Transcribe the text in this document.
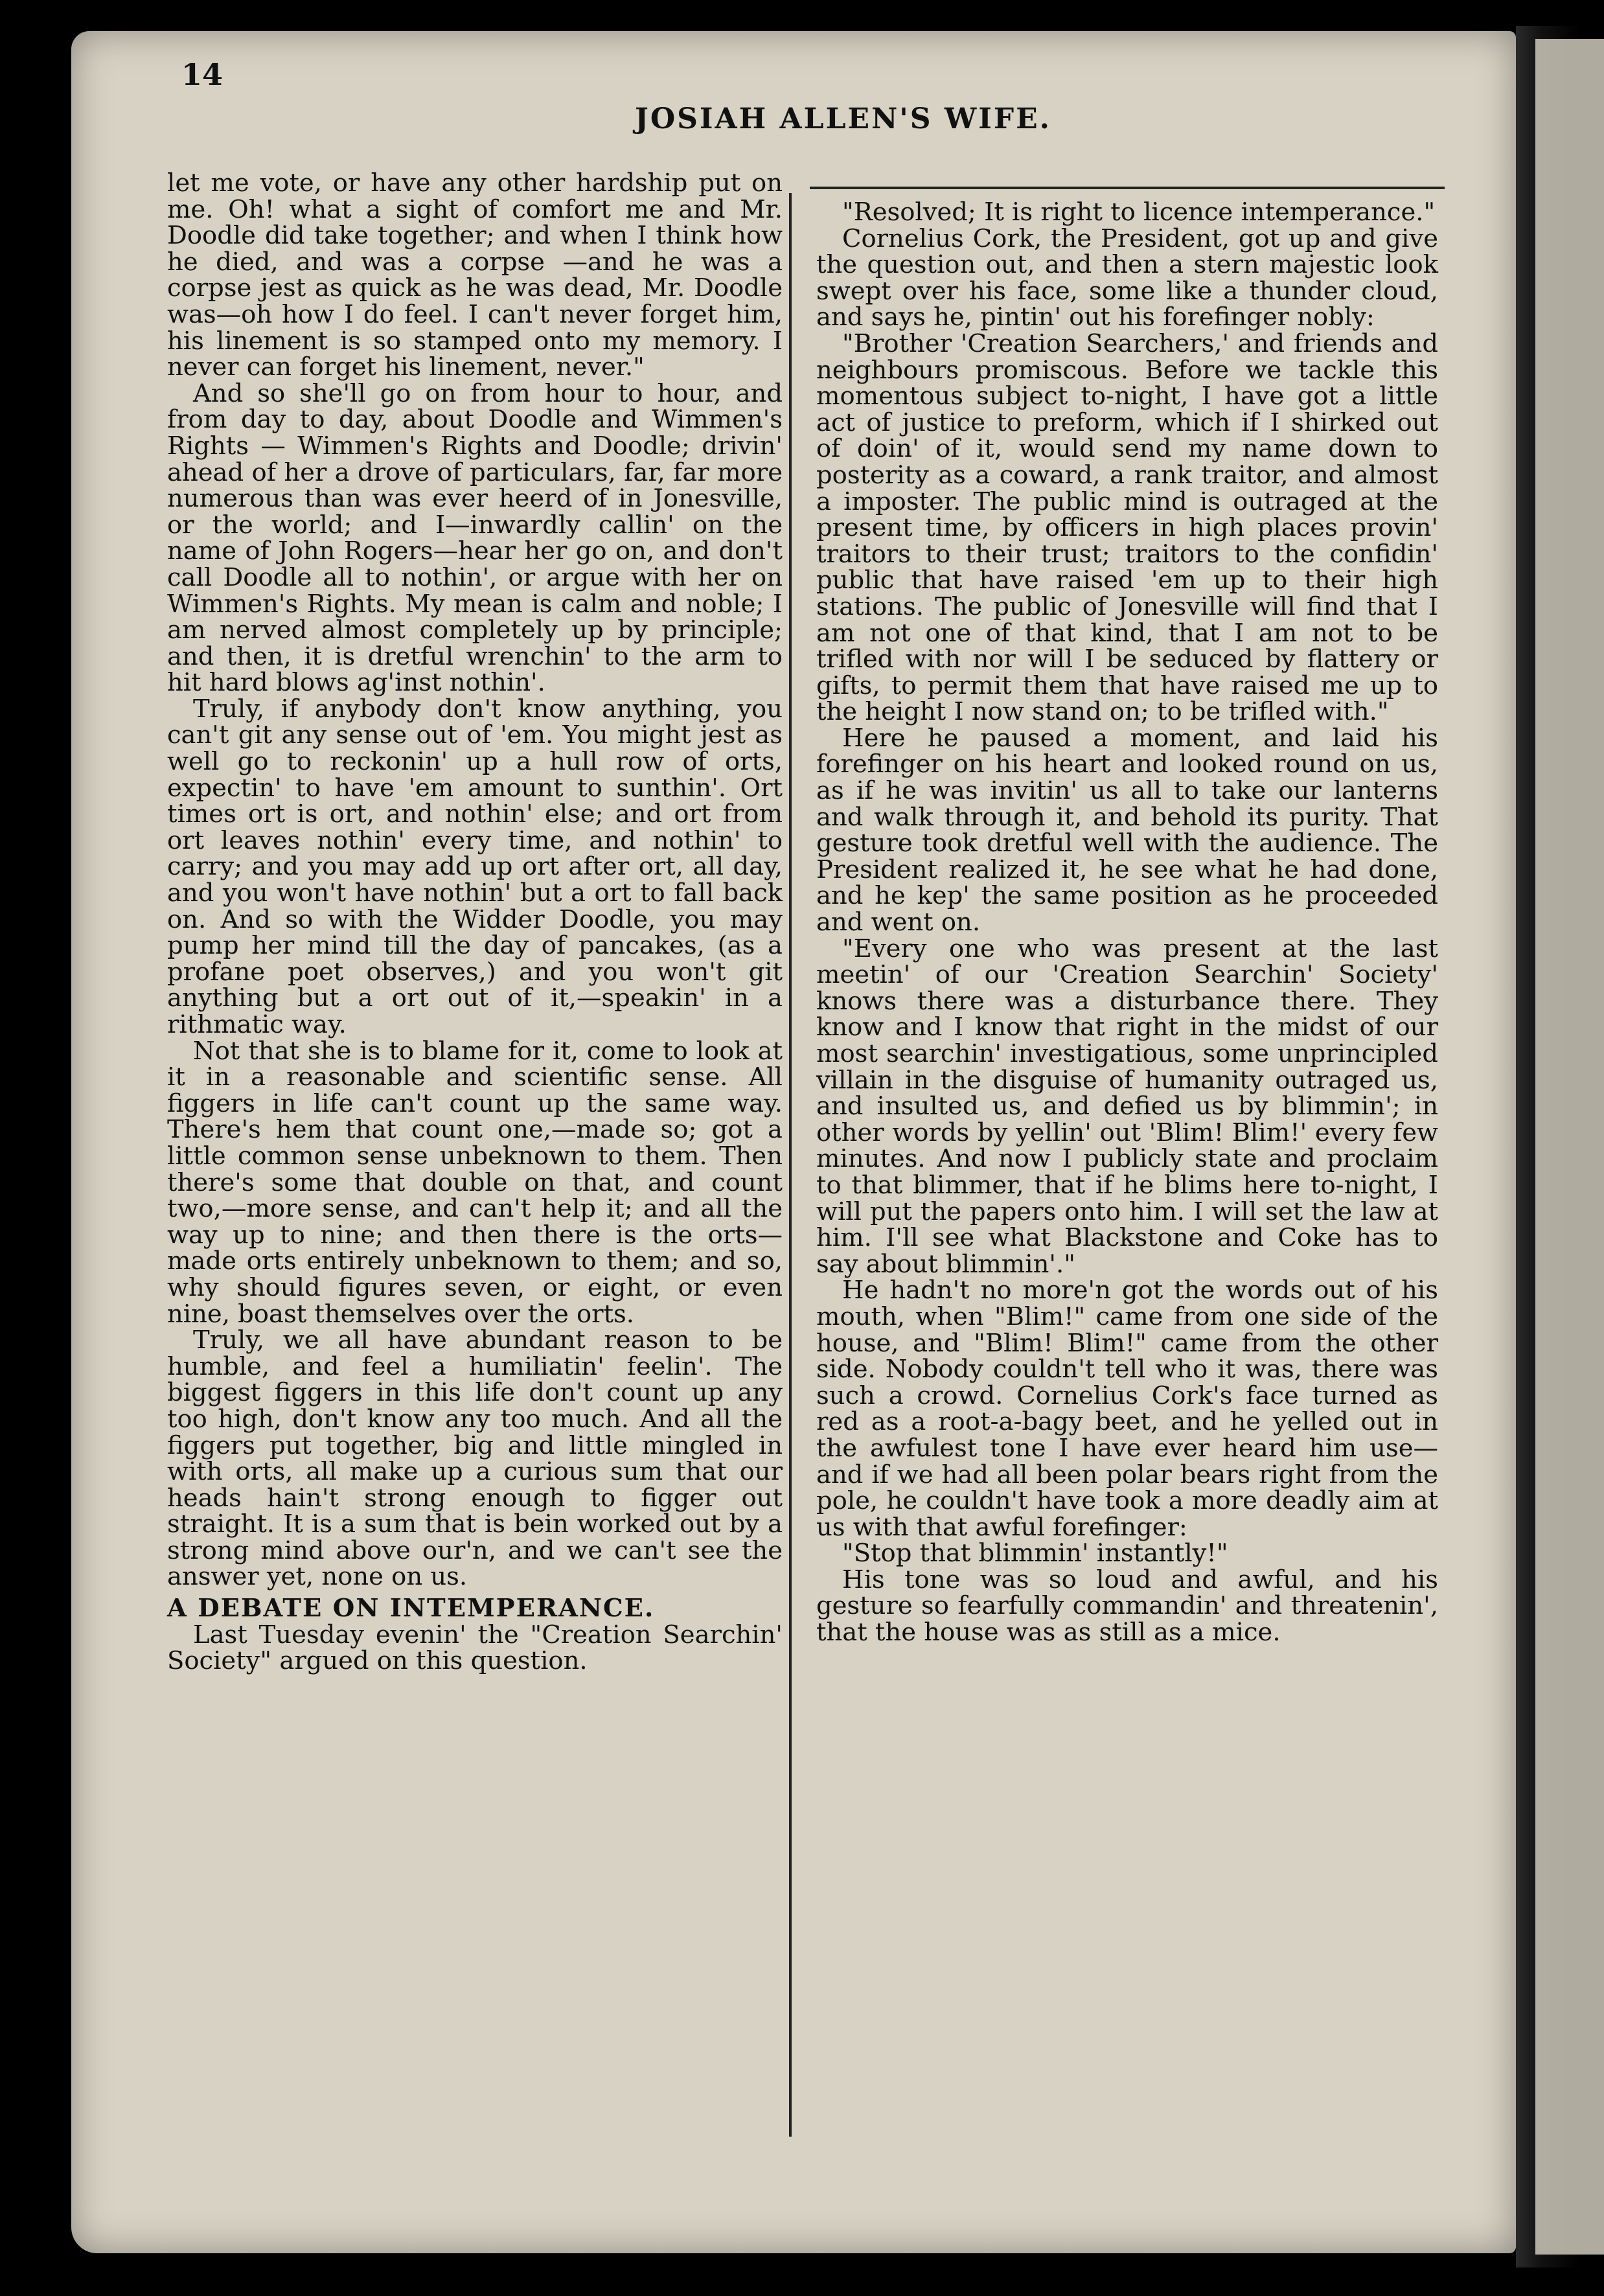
14
JOSIAH ALLEN'S WIFE.

let me vote, or have any other hardship put on me. Oh! what a sight of comfort me and Mr. Doodle did take together; and when I think how he died, and was a corpse —and he was a corpse jest as quick as he was dead, Mr. Doodle was—oh how I do feel. I can't never forget him, his linement is so stamped onto my memory. I never can forget his linement, never."

And so she'll go on from hour to hour, and from day to day, about Doodle and Wimmen's Rights — Wimmen's Rights and Doodle; drivin' ahead of her a drove of particulars, far, far more numerous than was ever heerd of in Jonesville, or the world; and I—inwardly callin' on the name of John Rogers—hear her go on, and don't call Doodle all to nothin', or argue with her on Wimmen's Rights. My mean is calm and noble; I am nerved almost completely up by principle; and then, it is dretful wrenchin' to the arm to hit hard blows ag'inst nothin'.

Truly, if anybody don't know anything, you can't git any sense out of 'em. You might jest as well go to reckonin' up a hull row of orts, expectin' to have 'em amount to sunthin'. Ort times ort is ort, and nothin' else; and ort from ort leaves nothin' every time, and nothin' to carry; and you may add up ort after ort, all day, and you won't have nothin' but a ort to fall back on. And so with the Widder Doodle, you may pump her mind till the day of pancakes, (as a profane poet observes,) and you won't git anything but a ort out of it,—speakin' in a rithmatic way.

Not that she is to blame for it, come to look at it in a reasonable and scientific sense. All figgers in life can't count up the same way. There's hem that count one,—made so; got a little common sense unbeknown to them. Then there's some that double on that, and count two,—more sense, and can't help it; and all the way up to nine; and then there is the orts—made orts entirely unbeknown to them; and so, why should figures seven, or eight, or even nine, boast themselves over the orts.

Truly, we all have abundant reason to be humble, and feel a humiliatin' feelin'. The biggest figgers in this life don't count up any too high, don't know any too much. And all the figgers put together, big and little mingled in with orts, all make up a curious sum that our heads hain't strong enough to figger out straight. It is a sum that is bein worked out by a strong mind above our'n, and we can't see the answer yet, none on us.

A DEBATE ON INTEMPERANCE.

Last Tuesday evenin' the "Creation Searchin' Society" argued on this question.

"Resolved; It is right to licence intemperance."

Cornelius Cork, the President, got up and give the question out, and then a stern majestic look swept over his face, some like a thunder cloud, and says he, pintin' out his forefinger nobly:

"Brother 'Creation Searchers,' and friends and neighbours promiscous. Before we tackle this momentous subject to-night, I have got a little act of justice to preform, which if I shirked out of doin' of it, would send my name down to posterity as a coward, a rank traitor, and almost a imposter. The public mind is outraged at the present time, by officers in high places provin' traitors to their trust; traitors to the confidin' public that have raised 'em up to their high stations. The public of Jonesville will find that I am not one of that kind, that I am not to be trifled with nor will I be seduced by flattery or gifts, to permit them that have raised me up to the height I now stand on; to be trifled with."

Here he paused a moment, and laid his forefinger on his heart and looked round on us, as if he was invitin' us all to take our lanterns and walk through it, and behold its purity. That gesture took dretful well with the audience. The President realized it, he see what he had done, and he kep' the same position as he proceeded and went on.

"Every one who was present at the last meetin' of our 'Creation Searchin' Society' knows there was a disturbance there. They know and I know that right in the midst of our most searchin' investigatious, some unprincipled villain in the disguise of humanity outraged us, and insulted us, and defied us by blimmin'; in other words by yellin' out 'Blim! Blim!' every few minutes. And now I publicly state and proclaim to that blimmer, that if he blims here to-night, I will put the papers onto him. I will set the law at him. I'll see what Blackstone and Coke has to say about blimmin'."

He hadn't no more'n got the words out of his mouth, when "Blim!" came from one side of the house, and "Blim! Blim!" came from the other side. Nobody couldn't tell who it was, there was such a crowd. Cornelius Cork's face turned as red as a root-a-bagy beet, and he yelled out in the awfulest tone I have ever heard him use—and if we had all been polar bears right from the pole, he couldn't have took a more deadly aim at us with that awful forefinger:

"Stop that blimmin' instantly!"

His tone was so loud and awful, and his gesture so fearfully commandin' and threatenin', that the house was as still as a mice.
